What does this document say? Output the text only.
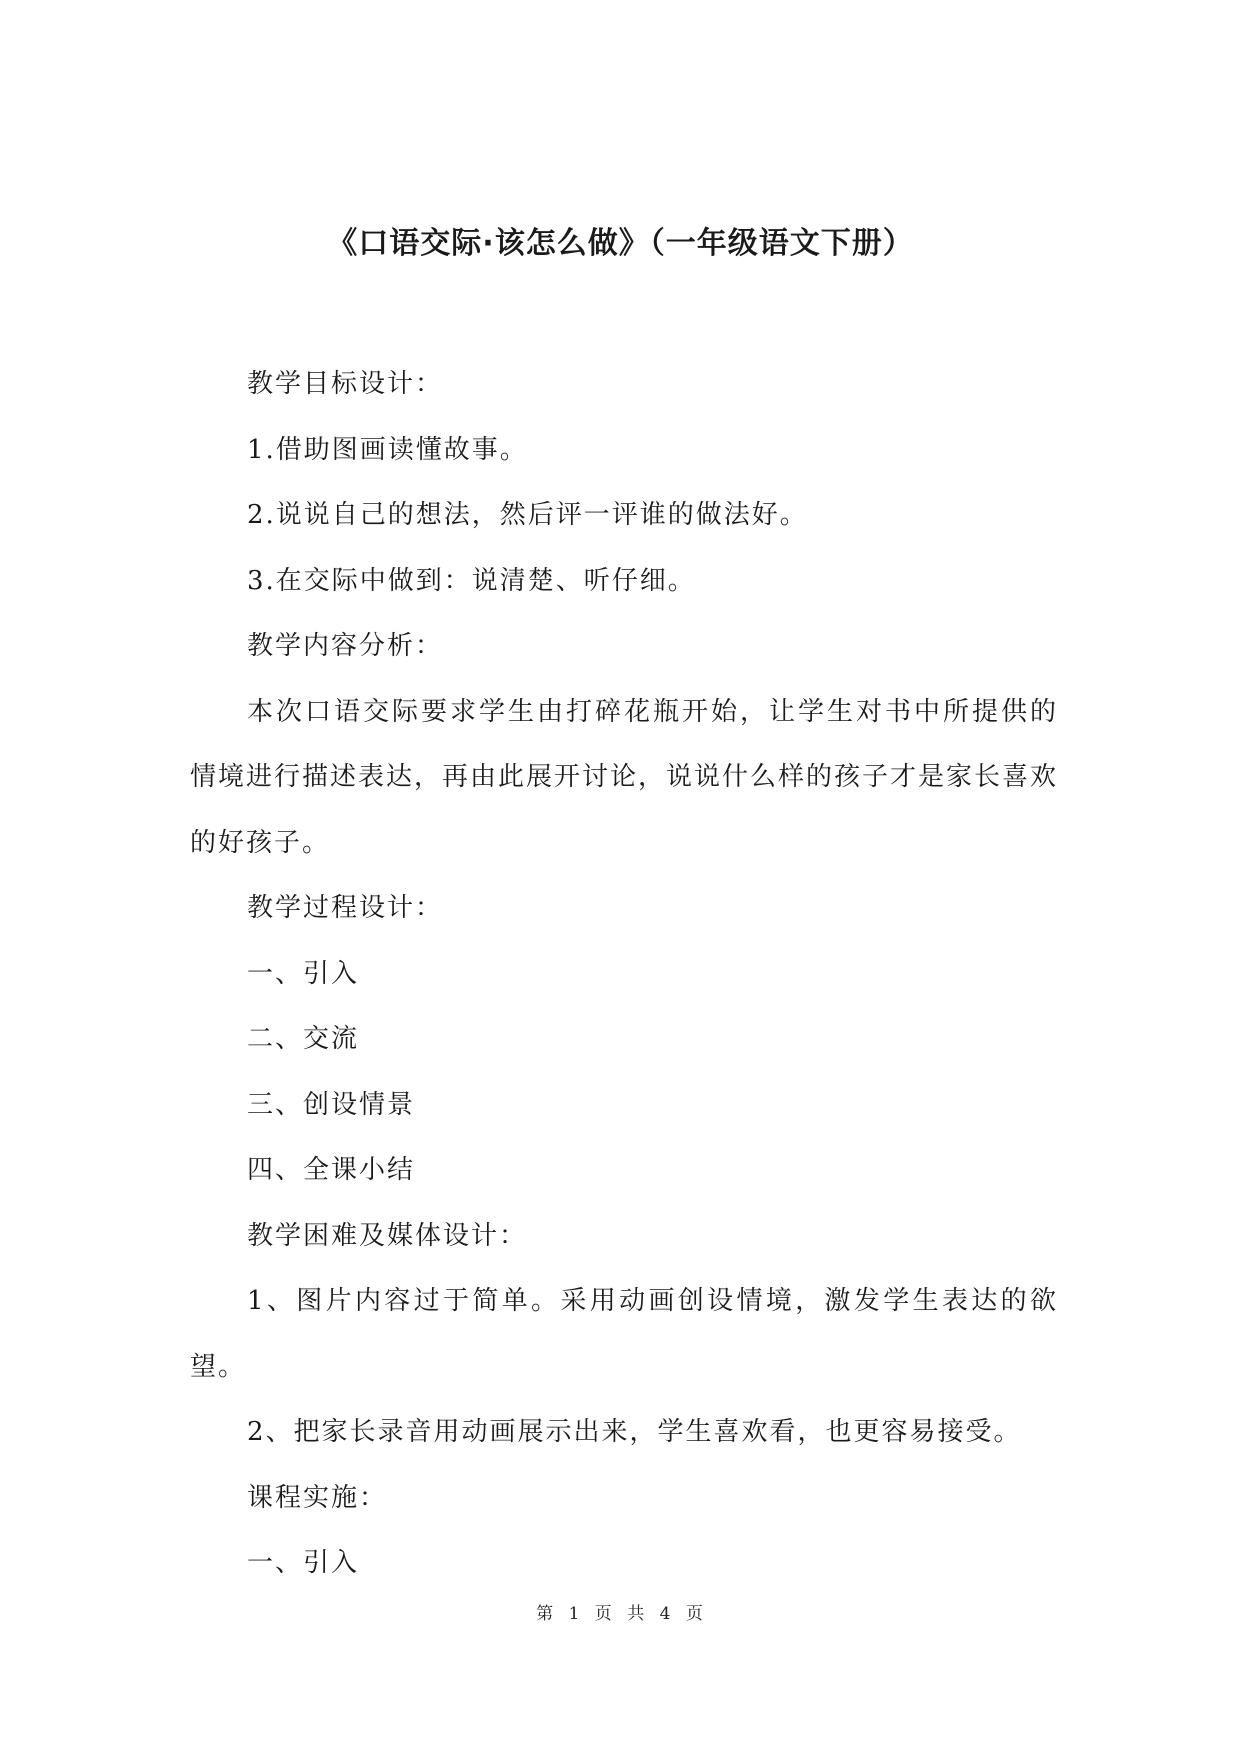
《口语交际·该怎么做》（一年级语文下册）

教学目标设计：

1.借助图画读懂故事。

2.说说自己的想法，然后评一评谁的做法好。

3.在交际中做到：说清楚、听仔细。

教学内容分析：

本次口语交际要求学生由打碎花瓶开始，让学生对书中所提供的情境进行描述表达，再由此展开讨论，说说什么样的孩子才是家长喜欢的好孩子。

教学过程设计：

一、引入

二、交流

三、创设情景

四、全课小结

教学困难及媒体设计：

1、图片内容过于简单。采用动画创设情境，激发学生表达的欲望。

2、把家长录音用动画展示出来，学生喜欢看，也更容易接受。

课程实施：

一、引入

第 1 页 共 4 页
